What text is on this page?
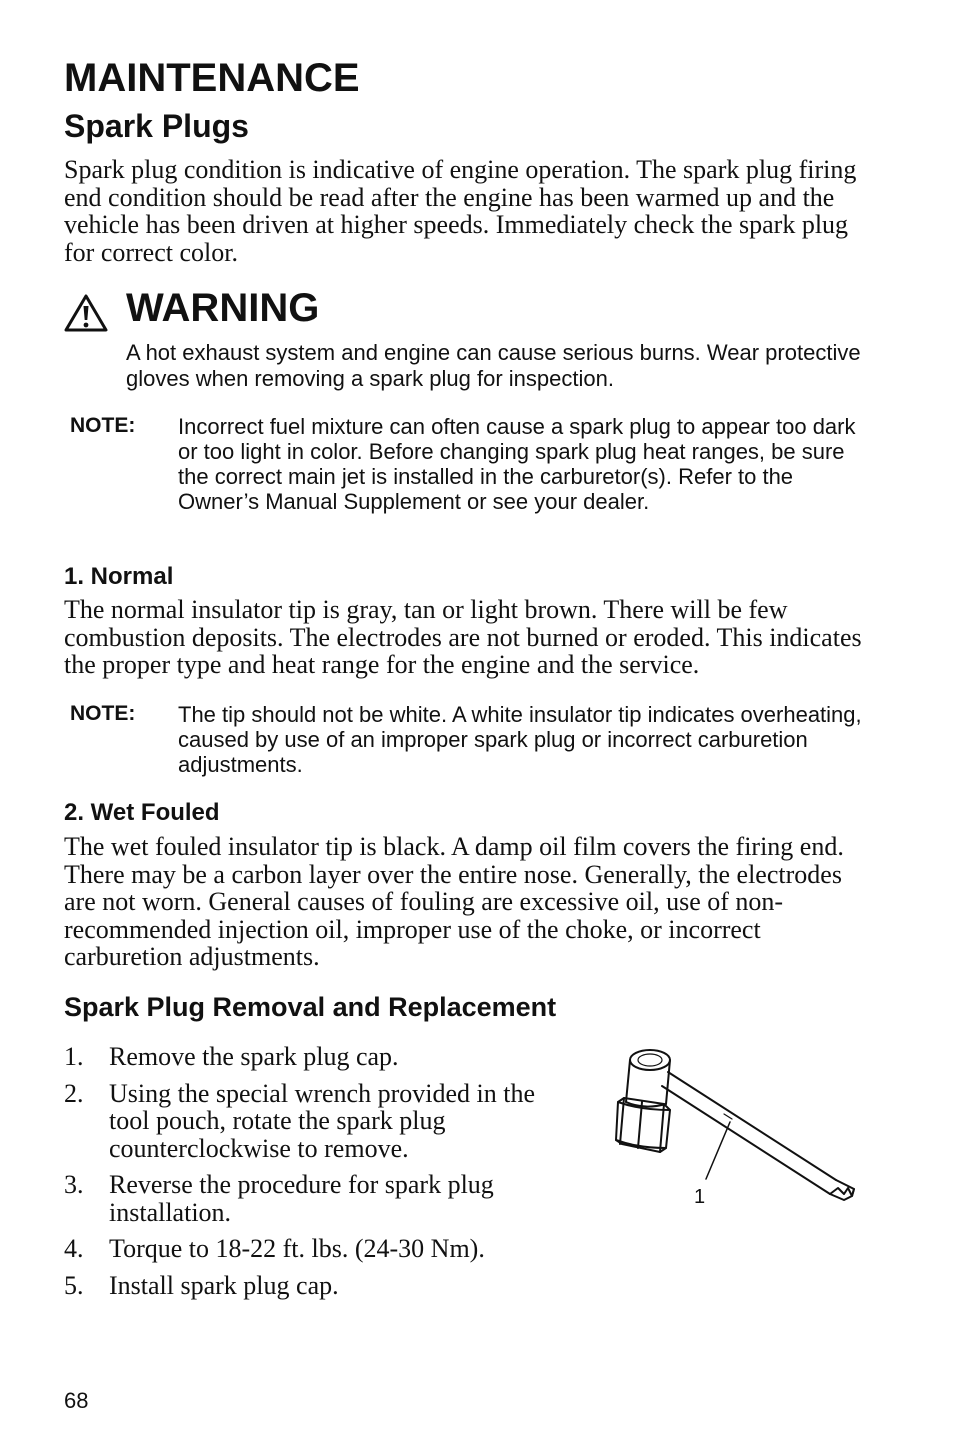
MAINTENANCE
Spark Plugs

Spark plug condition is indicative of engine operation. The spark plug firing end condition should be read after the engine has been warmed up and the vehicle has been driven at higher speeds. Immediately check the spark plug for correct color.

WARNING

A hot exhaust system and engine can cause serious burns. Wear protective gloves when removing a spark plug for inspection.

NOTE: Incorrect fuel mixture can often cause a spark plug to appear too dark or too light in color. Before changing spark plug heat ranges, be sure the correct main jet is installed in the carburetor(s). Refer to the Owner’s Manual Supplement or see your dealer.

1. Normal

The normal insulator tip is gray, tan or light brown. There will be few combustion deposits. The electrodes are not burned or eroded. This indicates the proper type and heat range for the engine and the service.

NOTE: The tip should not be white. A white insulator tip indicates overheating, caused by use of an improper spark plug or incorrect carburetion adjustments.

2. Wet Fouled

The wet fouled insulator tip is black. A damp oil film covers the firing end. There may be a carbon layer over the entire nose. Generally, the electrodes are not worn. General causes of fouling are excessive oil, use of non-recommended injection oil, improper use of the choke, or incorrect carburetion adjustments.

Spark Plug Removal and Replacement
1. Remove the spark plug cap.
2. Using the special wrench provided in the tool pouch, rotate the spark plug counterclockwise to remove.
3. Reverse the procedure for spark plug installation.
4. Torque to 18-22 ft. lbs. (24-30 Nm).
5. Install spark plug cap.
1
68
